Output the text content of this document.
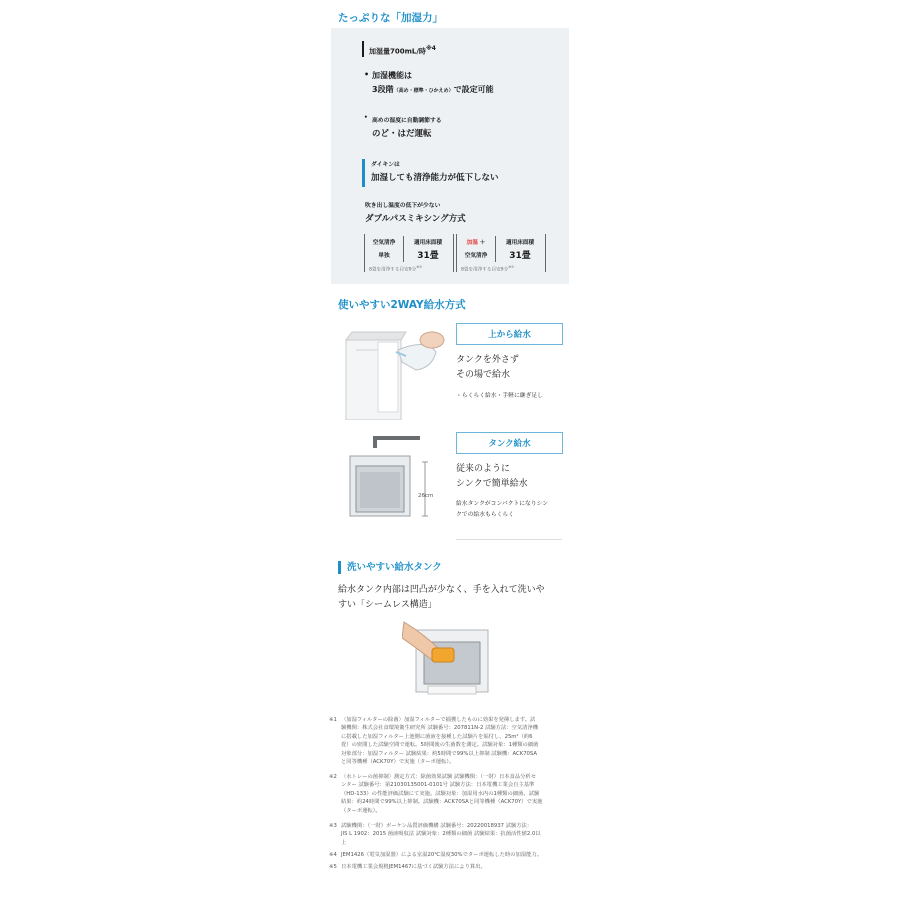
たっぷりな「加湿力」
加湿量700mL/時$^{※4}$
• 加湿機能は
3段階（高め・標準・ひかえめ）で設定可能
• 高めの湿度に自動調節する
のど・はだ運転
ダイキンは
加湿しても清浄能力が低下しない
吹き出し温度の低下が少ない
ダブルパスミキシング方式
空気清浄
単独
適用床面積
31畳
8畳を清浄する目安9分$^{※5}$
加湿 ＋
空気清浄
適用床面積
31畳
8畳を清浄する目安9分$^{※5}$
使いやすい2WAY給水方式
上から給水
タンクを外さず
その場で給水
・らくらく給水・手軽に継ぎ足し
26cm
タンク給水
従来のように
シンクで簡単給水
給水タンクがコンパクトになりシン
クでの給水もらくらく
洗いやすい給水タンク
給水タンク内部は凹凸が少なく、手を入れて洗いや
すい「シームレス構造」
※1 〈加湿フィルターの除菌〉加湿フィルターで捕獲したものに効果を発揮します。試
験機関：株式会社食環境衛生研究所 試験番号：207811N-2 試験方法：空気清浄機
に搭載した加湿フィルター上池側に菌液を接種した試験片を貼付し、25m²（約6
畳）の密閉した試験空間で運転。5時間後の生菌数を測定。試験対象：1種類の細菌
対象部分：加湿フィルター 試験結果：約5時間で99%以上抑制 試験機：ACK70SA
と同等機種（ACK70Y）で実施（ターボ運転）。
※2 〈水トレーの菌抑制〉測定方式：除菌効果試験 試験機関：（一財）日本食品分析セ
ンター 試験番号：第21030135001-0101号 試験方法：日本電機工業会自主基準
（HD-133）の性能評価試験にて実施。試験対象：加湿用水内の1種類の細菌。試験
結果：約24時間で99%以上抑制。試験機：ACK70SAと同等機種（ACK70Y）で実施
（ターボ運転）。
※3 試験機関：（一財）ボーケン品質評価機構 試験番号：20220018937 試験方法：
JIS L 1902：2015 菌液吸収法 試験対象：2種類の細菌 試験結果：抗菌活性値2.0以
上
※4 JEM1426（電気加湿器）による室温20℃湿度30%でターボ運転した時の加湿能力。
※5 日本電機工業会規格JEM1467に基づく試験方法により算出。
